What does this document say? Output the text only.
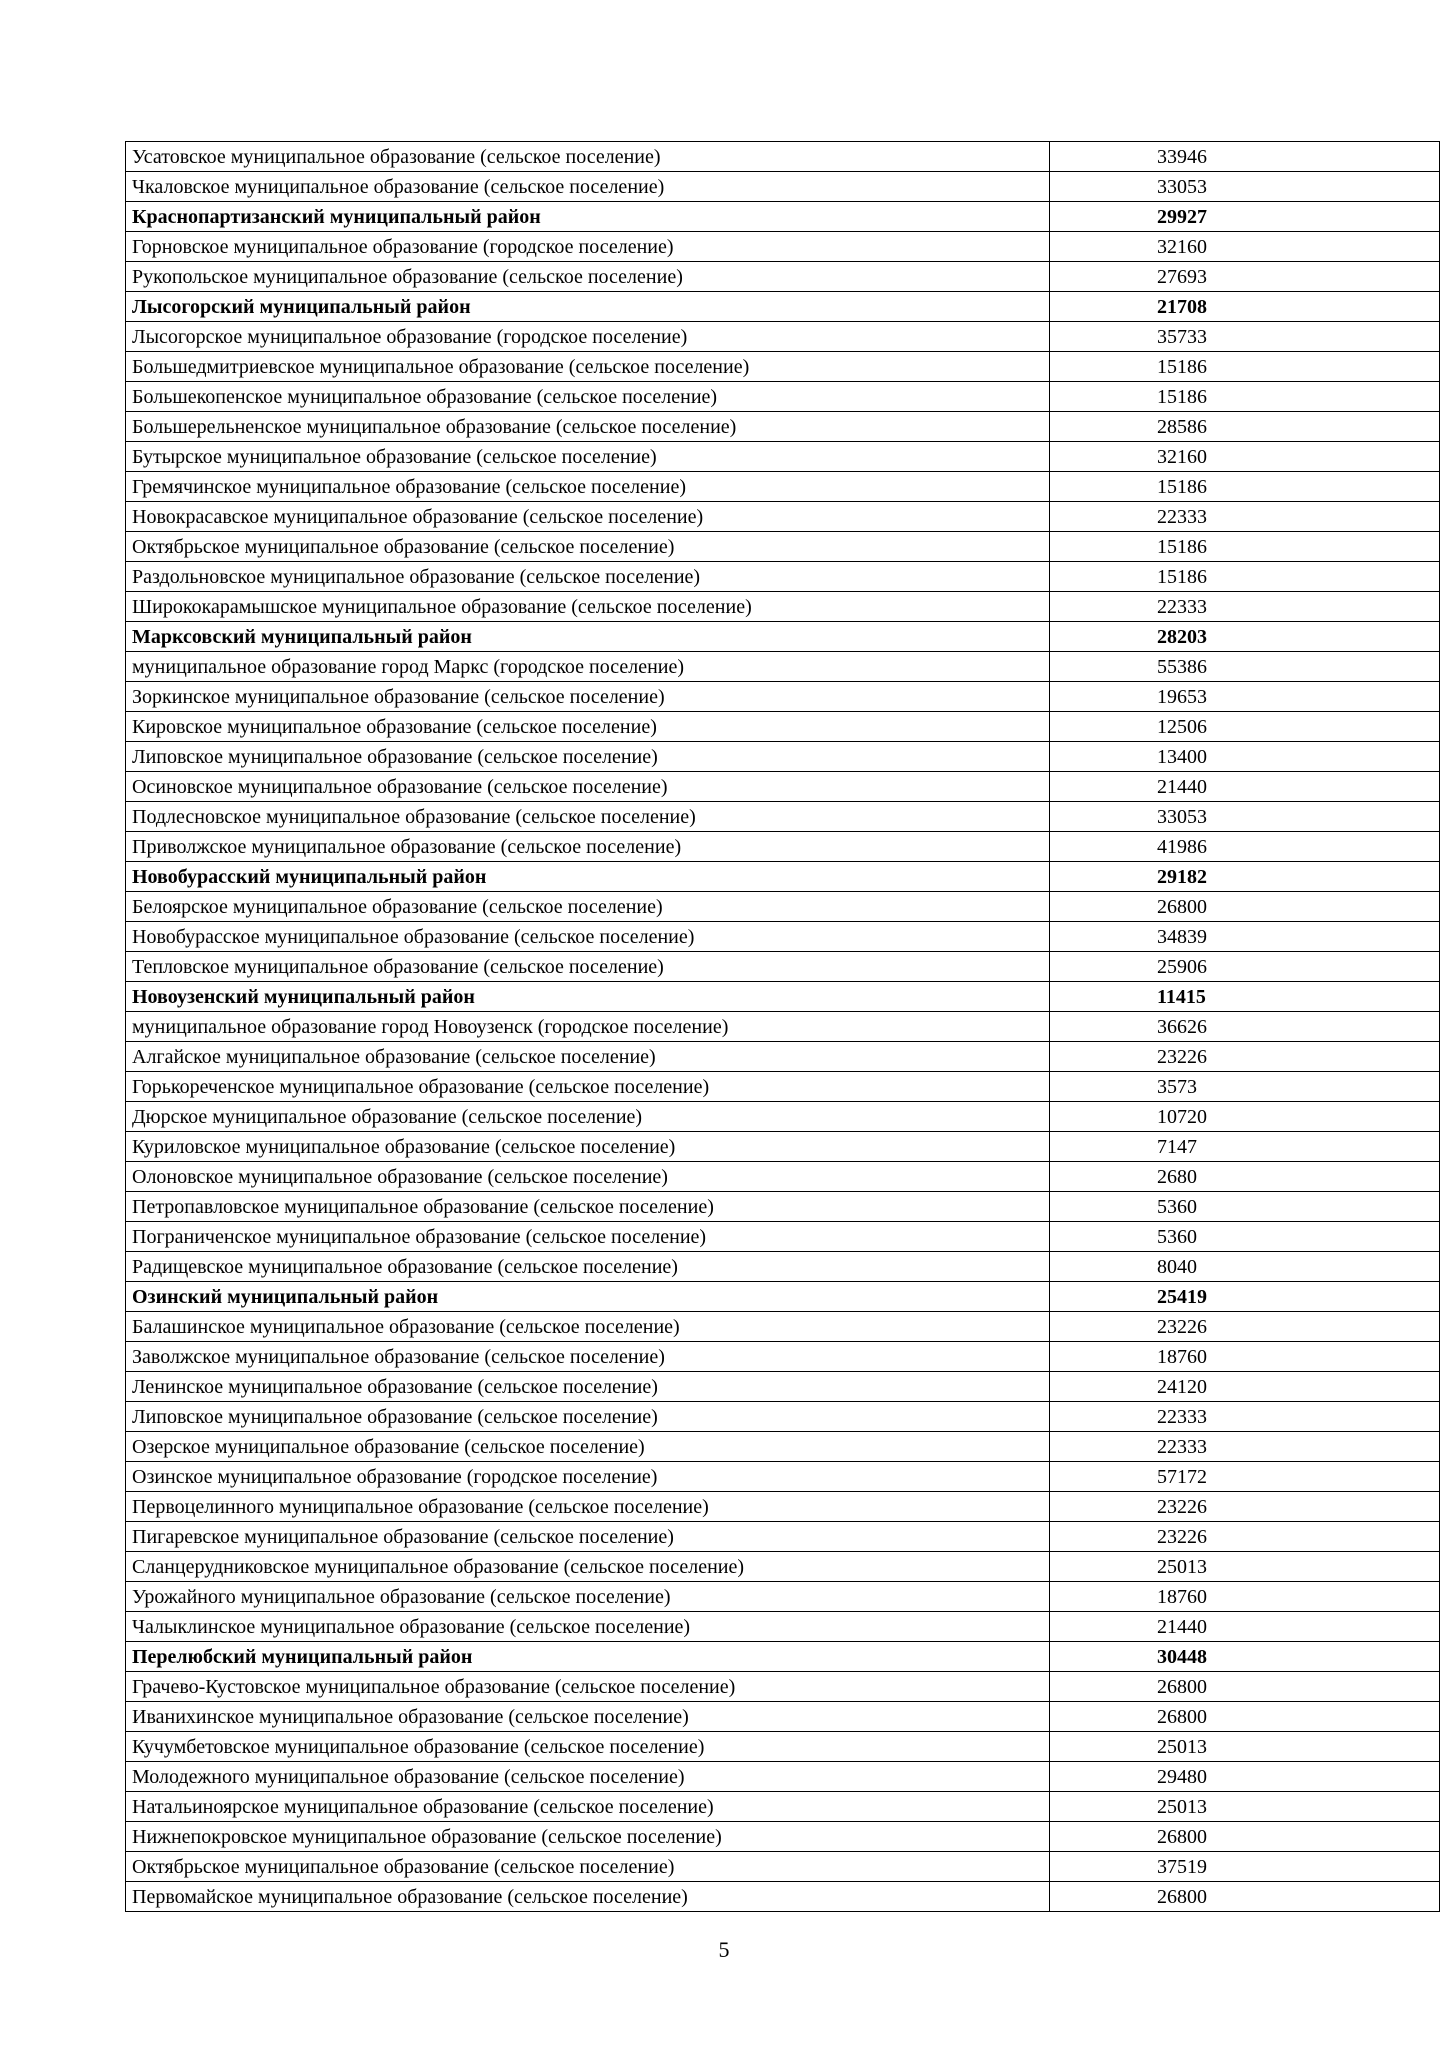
Усатовское муниципальное образование (сельское поселение)	33946
Чкаловское муниципальное образование (сельское поселение)	33053
Краснопартизанский муниципальный район	29927
Горновское муниципальное образование (городское поселение)	32160
Рукопольское муниципальное образование (сельское поселение)	27693
Лысогорский муниципальный район	21708
Лысогорское муниципальное образование (городское поселение)	35733
Большедмитриевское муниципальное образование (сельское поселение)	15186
Большекопенское муниципальное образование (сельское поселение)	15186
Большерельненское муниципальное образование (сельское поселение)	28586
Бутырское муниципальное образование (сельское поселение)	32160
Гремячинское муниципальное образование (сельское поселение)	15186
Новокрасавское муниципальное образование (сельское поселение)	22333
Октябрьское муниципальное образование (сельское поселение)	15186
Раздольновское муниципальное образование (сельское поселение)	15186
Ширококарамышское муниципальное образование (сельское поселение)	22333
Марксовский муниципальный район	28203
муниципальное образование город Маркс (городское поселение)	55386
Зоркинское муниципальное образование (сельское поселение)	19653
Кировское муниципальное образование (сельское поселение)	12506
Липовское муниципальное образование (сельское поселение)	13400
Осиновское муниципальное образование (сельское поселение)	21440
Подлесновское муниципальное образование (сельское поселение)	33053
Приволжское муниципальное образование (сельское поселение)	41986
Новобурасский муниципальный район	29182
Белоярское муниципальное образование (сельское поселение)	26800
Новобурасское муниципальное образование (сельское поселение)	34839
Тепловское муниципальное образование (сельское поселение)	25906
Новоузенский муниципальный район	11415
муниципальное образование город Новоузенск (городское поселение)	36626
Алгайское муниципальное образование (сельское поселение)	23226
Горькореченское муниципальное образование (сельское поселение)	3573
Дюрское муниципальное образование (сельское поселение)	10720
Куриловское муниципальное образование (сельское поселение)	7147
Олоновское муниципальное образование (сельское поселение)	2680
Петропавловское муниципальное образование (сельское поселение)	5360
Пограниченское муниципальное образование (сельское поселение)	5360
Радищевское муниципальное образование (сельское поселение)	8040
Озинский муниципальный район	25419
Балашинское муниципальное образование (сельское поселение)	23226
Заволжское муниципальное образование (сельское поселение)	18760
Ленинское муниципальное образование (сельское поселение)	24120
Липовское муниципальное образование (сельское поселение)	22333
Озерское муниципальное образование (сельское поселение)	22333
Озинское муниципальное образование (городское поселение)	57172
Первоцелинного муниципальное образование (сельское поселение)	23226
Пигаревское муниципальное образование (сельское поселение)	23226
Сланцерудниковское муниципальное образование (сельское поселение)	25013
Урожайного муниципальное образование (сельское поселение)	18760
Чалыклинское муниципальное образование (сельское поселение)	21440
Перелюбский муниципальный район	30448
Грачево-Кустовское муниципальное образование (сельское поселение)	26800
Иванихинское муниципальное образование (сельское поселение)	26800
Кучумбетовское муниципальное образование (сельское поселение)	25013
Молодежного муниципальное образование (сельское поселение)	29480
Натальиноярское муниципальное образование (сельское поселение)	25013
Нижнепокровское муниципальное образование (сельское поселение)	26800
Октябрьское муниципальное образование (сельское поселение)	37519
Первомайское муниципальное образование (сельское поселение)	26800
5
